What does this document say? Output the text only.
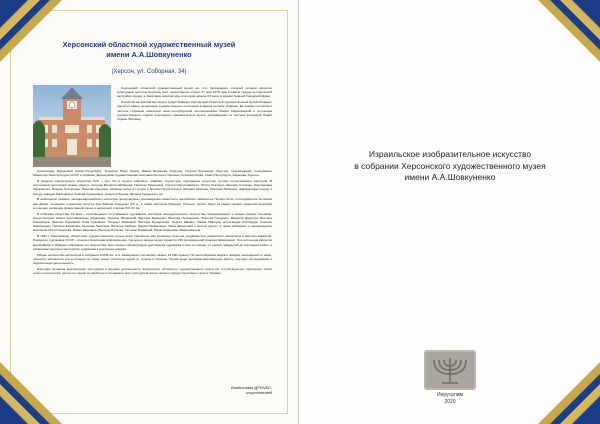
Херсонский областной художественный музей
имени А.А.Шовкуненко
(Херсон, ул. Соборная, 34)

Херсонский областной художественный музей им. А.А. Шовкуненко, который сегодня является культурным центром Херсона, был торжественно открыт 27 мая 1978 года в самом сердце исторической застройки города, в памятнике архитектуры и истории начала XX века, в здании бывшей Городской Думы.

Несмотря на краткий век своего существования Херсонский областной художественный музей обладает одной из самых интересных художественных коллекций в южном регионе Украины. Ее основу составляют частное собрание известной санкт-петербургской коллекционерки Марии Корниловской и коллекция художественного отдела Херсонского краеведческого музея, произведения из частных коллекций Лидии Годвин (Москва),

Александры Бирюковой (Санкт-Петербург), Терентия Юрко (Киев), Ивана Федорова (Одесса), Георгия Бурьякова (Херсон), произведения, переданные Министерством культуры СССР и Украины, Дирекциями художественных выставок России и Украины, музеями Киева, Санкт-Петербурга, Харькова, Одессы.

В разделе классического искусства XVIII – нач. XX в. вошли живопись, графика, скульптура, прикладное искусство лучших отечественных мастеров. В постоянной экспозиции можно увидеть полотна Михаила Шибанова, Николая Пиненчака, Сергея Светославского, Петра Левченко, Евгения Столицы, Константина Крыжицкого, Бориса Григорьева, Николая Крылова, образцы литья из чугуна и бронзы Петра Клодта, Евгения Лансере, Николая Либериха, фарфоровую посуду и посуду заводов Мальцева и Семена Кузнецовых, Алексея Попова, Франца Гарднера и др.

В небольшом разделе западноевропейского искусства представлены произведения известного английского живописца Питера Лели, последователя Антониса ван Дейка, немецкого романтика Августа фон Бейера середины XIX в., а также мастеров Франции, Польши, Чехии. Одно из самых ценных разделов музейной коллекции посвящён православной иконе и церковной старине XVI-XX вв.

В собрании искусства ХХ века – произведения титулованных художников, мастеров самодеятельного творчества, принадлежащих к самым разным течениям, среди которых имена прославленных украинцев: Татьяны Яблонской, Виктора Зарецкого, Виктора Пузырькова, Николая Глущенко, Михаила Дерегуса, Виктора Ковальчука, Эмилии Наумовой, Льва Гуменюка, Натальи Ивановой, Виктора Пузырькова, Сергея Швайко, Ивана Марчука, Александра Ройтбурда, Алексея Шовкуненко, Николая Ермакова, Леонида Левитина, Виталия Гарбуза, Марии Примаченко, Нины Денисовой и многих других, а также сибирских и ленинградских мастеров: Ильи Глазунова, Ивана Ширшина, Виктора Попкова, Татьяны Мавриной, Юрия Семенова, Марка Шагала.

В 1981 г. Херсонскому областному художественному музею было присвоено имя уроженца Херсона, выдающегося украинского живописца и мастера акварели, Народного художника СССР - Алексея Алексеевича Шовкуненко. Сегодня в фонде музея хранится 156 произведений Алексея Шовкуненко. Эта коллекция является крупнейшим в Украине собранием его творчества. Оно хорошо иллюстрирует достижения художника и всю его жизнь, от ранних акварелей до последних работ, и раскрывает высокое мастерство художника в различных жанрах.

Общее количество экспонатов в собрании ХОХМ им. А.А. Шовкуненко составляет свыше 12 000 единиц. По многообразию видов и жанров, насыщенности имен, ценности экспонатов эта коллекция по праву может считаться одной из лучших в Украине. Музей ведет активную выставочную работу, научные исследования и издательскую деятельность.

Ежегодно активная выставочная, культурная и научная деятельность Херсонского областного художественного музея им. А.А.Шовкуненко привлекает сотни тысяч посетителей, делая его одним из наиболее посещаемых мест культурной жизни нашего города и музейного дела в Украине.

Владислава ДРИЧКО,
искусствовед
Израильское изобразительное искусство
в собрании Херсонского художественного музея
имени А.А.Шовкуненко
Иерусалим
2020
